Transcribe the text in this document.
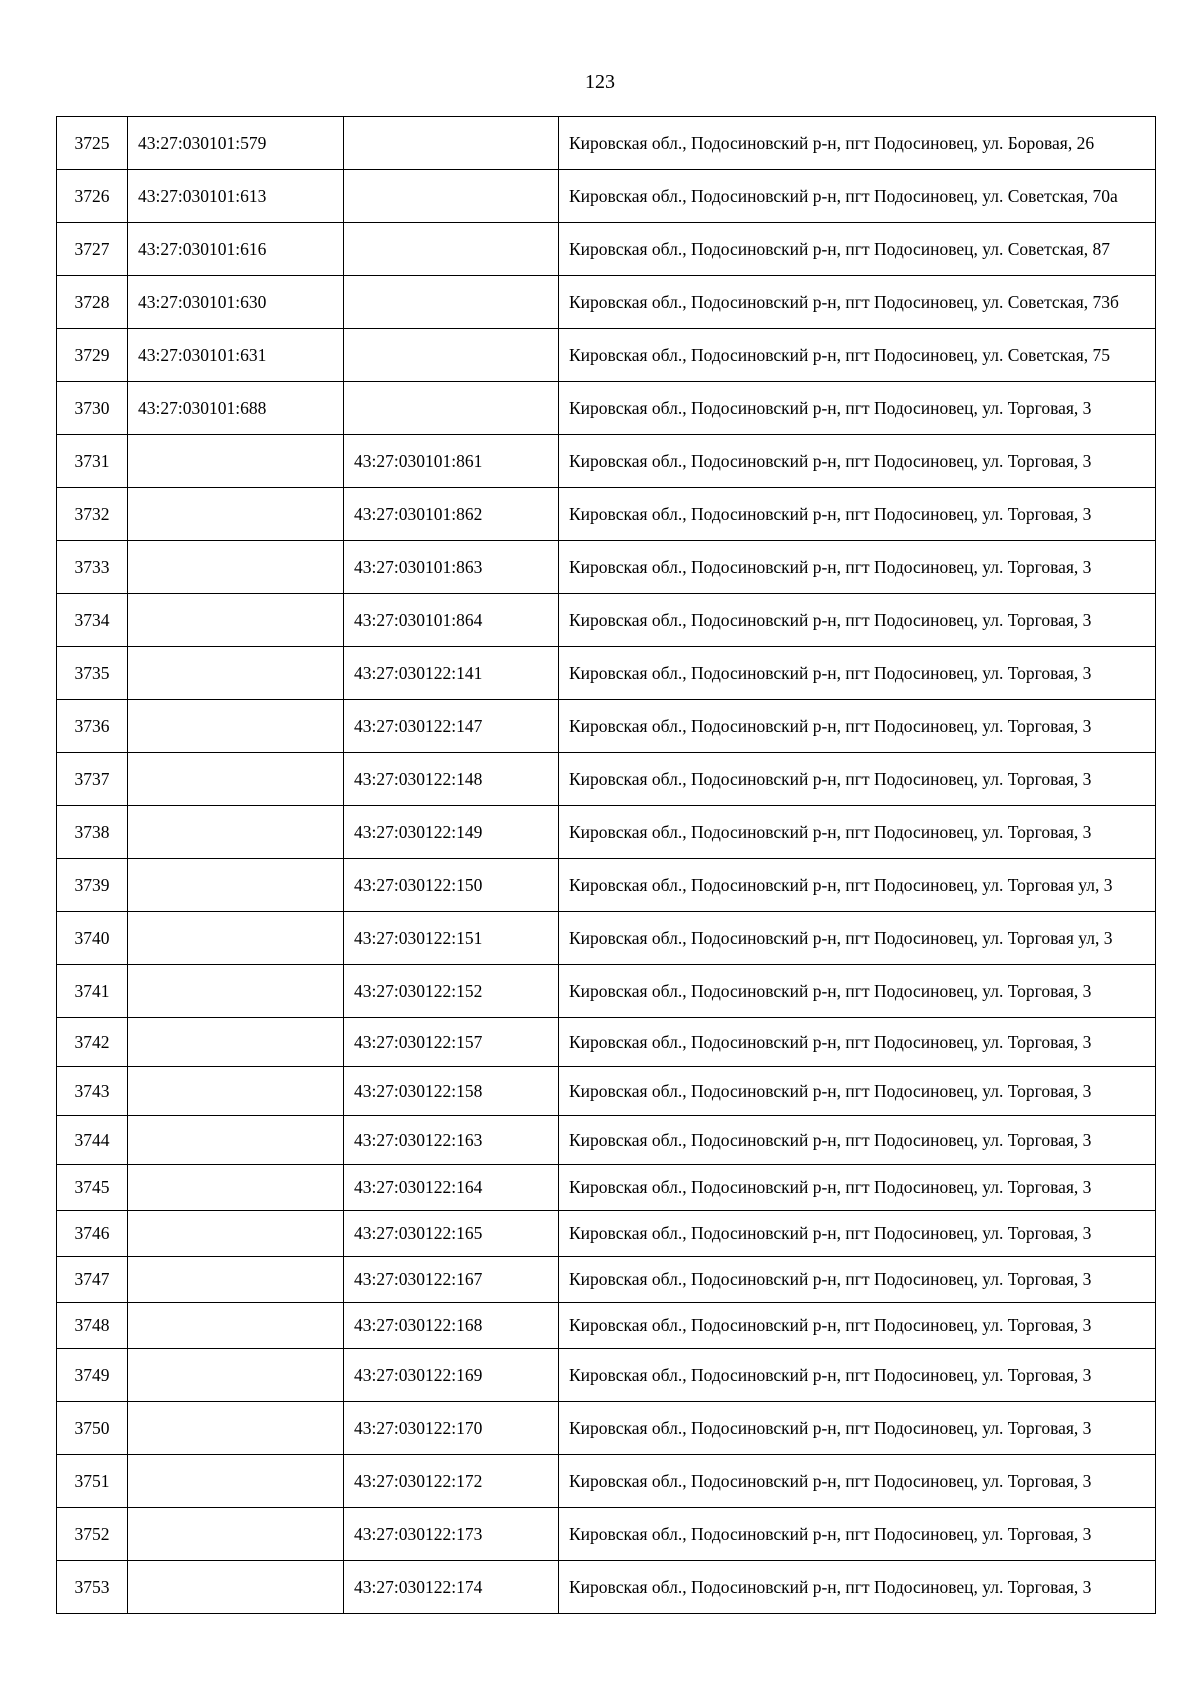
123
3725	43:27:030101:579		Кировская обл., Подосиновский р-н, пгт Подосиновец, ул. Боровая, 26
3726	43:27:030101:613		Кировская обл., Подосиновский р-н, пгт Подосиновец, ул. Советская, 70а
3727	43:27:030101:616		Кировская обл., Подосиновский р-н, пгт Подосиновец, ул. Советская, 87
3728	43:27:030101:630		Кировская обл., Подосиновский р-н, пгт Подосиновец, ул. Советская, 73б
3729	43:27:030101:631		Кировская обл., Подосиновский р-н, пгт Подосиновец, ул. Советская, 75
3730	43:27:030101:688		Кировская обл., Подосиновский р-н, пгт Подосиновец, ул. Торговая, 3
3731		43:27:030101:861	Кировская обл., Подосиновский р-н, пгт Подосиновец, ул. Торговая, 3
3732		43:27:030101:862	Кировская обл., Подосиновский р-н, пгт Подосиновец, ул. Торговая, 3
3733		43:27:030101:863	Кировская обл., Подосиновский р-н, пгт Подосиновец, ул. Торговая, 3
3734		43:27:030101:864	Кировская обл., Подосиновский р-н, пгт Подосиновец, ул. Торговая, 3
3735		43:27:030122:141	Кировская обл., Подосиновский р-н, пгт Подосиновец, ул. Торговая, 3
3736		43:27:030122:147	Кировская обл., Подосиновский р-н, пгт Подосиновец, ул. Торговая, 3
3737		43:27:030122:148	Кировская обл., Подосиновский р-н, пгт Подосиновец, ул. Торговая, 3
3738		43:27:030122:149	Кировская обл., Подосиновский р-н, пгт Подосиновец, ул. Торговая, 3
3739		43:27:030122:150	Кировская обл., Подосиновский р-н, пгт Подосиновец, ул. Торговая ул, 3
3740		43:27:030122:151	Кировская обл., Подосиновский р-н, пгт Подосиновец, ул. Торговая ул, 3
3741		43:27:030122:152	Кировская обл., Подосиновский р-н, пгт Подосиновец, ул. Торговая, 3
3742		43:27:030122:157	Кировская обл., Подосиновский р-н, пгт Подосиновец, ул. Торговая, 3
3743		43:27:030122:158	Кировская обл., Подосиновский р-н, пгт Подосиновец, ул. Торговая, 3
3744		43:27:030122:163	Кировская обл., Подосиновский р-н, пгт Подосиновец, ул. Торговая, 3
3745		43:27:030122:164	Кировская обл., Подосиновский р-н, пгт Подосиновец, ул. Торговая, 3
3746		43:27:030122:165	Кировская обл., Подосиновский р-н, пгт Подосиновец, ул. Торговая, 3
3747		43:27:030122:167	Кировская обл., Подосиновский р-н, пгт Подосиновец, ул. Торговая, 3
3748		43:27:030122:168	Кировская обл., Подосиновский р-н, пгт Подосиновец, ул. Торговая, 3
3749		43:27:030122:169	Кировская обл., Подосиновский р-н, пгт Подосиновец, ул. Торговая, 3
3750		43:27:030122:170	Кировская обл., Подосиновский р-н, пгт Подосиновец, ул. Торговая, 3
3751		43:27:030122:172	Кировская обл., Подосиновский р-н, пгт Подосиновец, ул. Торговая, 3
3752		43:27:030122:173	Кировская обл., Подосиновский р-н, пгт Подосиновец, ул. Торговая, 3
3753		43:27:030122:174	Кировская обл., Подосиновский р-н, пгт Подосиновец, ул. Торговая, 3
